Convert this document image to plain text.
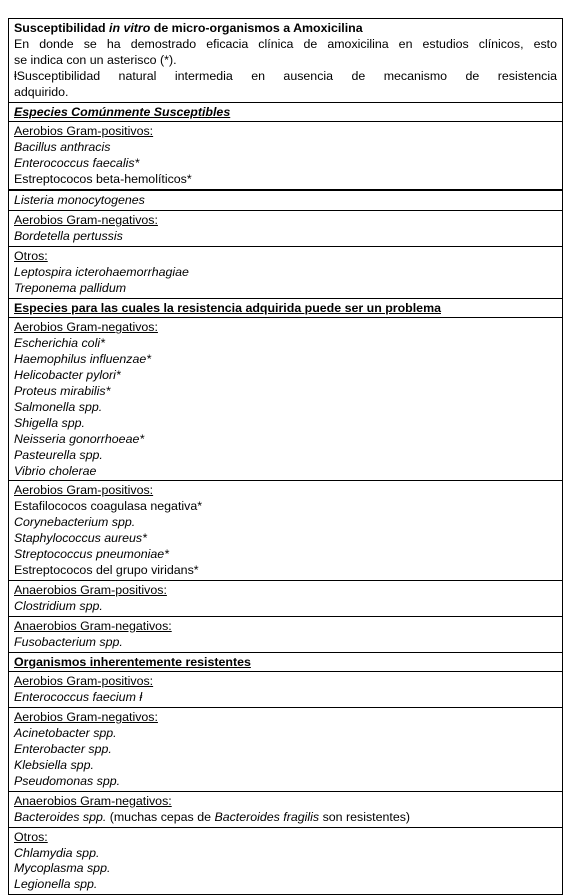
Susceptibilidad in vitro de micro-organismos a Amoxicilina
En donde se ha demostrado eficacia clínica de amoxicilina en estudios clínicos, esto
se indica con un asterisco (*).
ⱡSusceptibilidad natural intermedia en ausencia de mecanismo de resistencia
adquirido.
Especies Comúnmente Susceptibles
Aerobios Gram-positivos:
Bacillus anthracis
Enterococcus faecalis*
Estreptococos beta-hemolíticos*
Listeria monocytogenes
Aerobios Gram-negativos:
Bordetella pertussis
Otros:
Leptospira icterohaemorrhagiae
Treponema pallidum
Especies para las cuales la resistencia adquirida puede ser un problema
Aerobios Gram-negativos:
Escherichia coli*
Haemophilus influenzae*
Helicobacter pylori*
Proteus mirabilis*
Salmonella spp.
Shigella spp.
Neisseria gonorrhoeae*
Pasteurella spp.
Vibrio cholerae
Aerobios Gram-positivos:
Estafilococos coagulasa negativa*
Corynebacterium spp.
Staphylococcus aureus*
Streptococcus pneumoniae*
Estreptococos del grupo viridans*
Anaerobios Gram-positivos:
Clostridium spp.
Anaerobios Gram-negativos:
Fusobacterium spp.
Organismos inherentemente resistentes
Aerobios Gram-positivos:
Enterococcus faecium ⱡ
Aerobios Gram-negativos:
Acinetobacter spp.
Enterobacter spp.
Klebsiella spp.
Pseudomonas spp.
Anaerobios Gram-negativos:
Bacteroides spp. (muchas cepas de Bacteroides fragilis son resistentes)
Otros:
Chlamydia spp.
Mycoplasma spp.
Legionella spp.
